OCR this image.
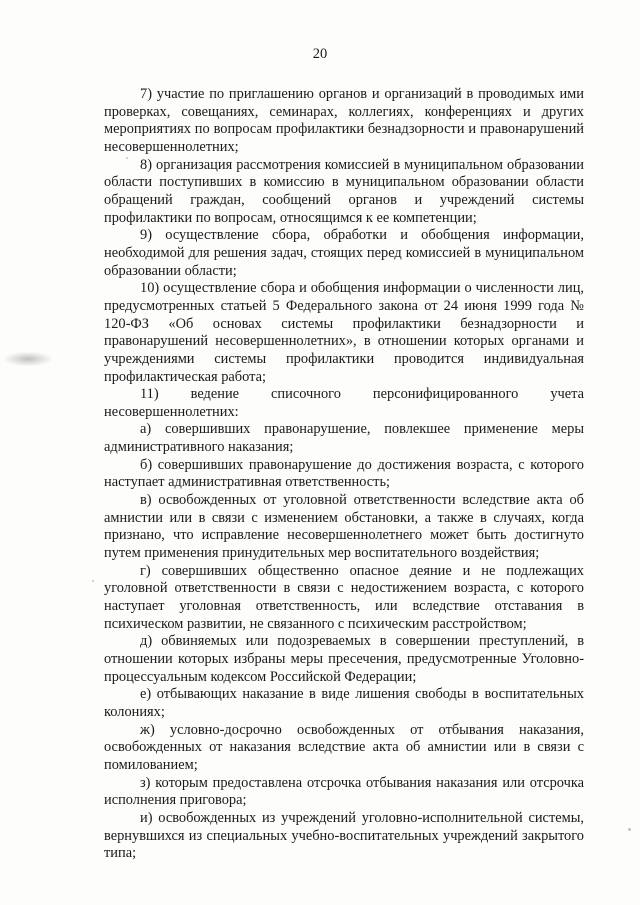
20

7) участие по приглашению органов и организаций в проводимых ими проверках, совещаниях, семинарах, коллегиях, конференциях и других мероприятиях по вопросам профилактики безнадзорности и правонарушений несовершеннолетних;

8) организация рассмотрения комиссией в муниципальном образовании области поступивших в комиссию в муниципальном образовании области обращений граждан, сообщений органов и учреждений системы профилактики по вопросам, относящимся к ее компетенции;

9) осуществление сбора, обработки и обобщения информации, необходимой для решения задач, стоящих перед комиссией в муниципальном образовании области;

10) осуществление сбора и обобщения информации о численности лиц, предусмотренных статьей 5 Федерального закона от 24 июня 1999 года № 120-ФЗ «Об основах системы профилактики безнадзорности и правонарушений несовершеннолетних», в отношении которых органами и учреждениями системы профилактики проводится индивидуальная профилактическая работа;

11) ведение списочного персонифицированного учета несовершеннолетних:

а) совершивших правонарушение, повлекшее применение меры административного наказания;

б) совершивших правонарушение до достижения возраста, с которого наступает административная ответственность;

в) освобожденных от уголовной ответственности вследствие акта об амнистии или в связи с изменением обстановки, а также в случаях, когда признано, что исправление несовершеннолетнего может быть достигнуто путем применения принудительных мер воспитательного воздействия;

г) совершивших общественно опасное деяние и не подлежащих уголовной ответственности в связи с недостижением возраста, с которого наступает уголовная ответственность, или вследствие отставания в психическом развитии, не связанного с психическим расстройством;

д) обвиняемых или подозреваемых в совершении преступлений, в отношении которых избраны меры пресечения, предусмотренные Уголовно-процессуальным кодексом Российской Федерации;

е) отбывающих наказание в виде лишения свободы в воспитательных колониях;

ж) условно-досрочно освобожденных от отбывания наказания, освобожденных от наказания вследствие акта об амнистии или в связи с помилованием;

з) которым предоставлена отсрочка отбывания наказания или отсрочка исполнения приговора;

и) освобожденных из учреждений уголовно-исполнительной системы, вернувшихся из специальных учебно-воспитательных учреждений закрытого типа;
